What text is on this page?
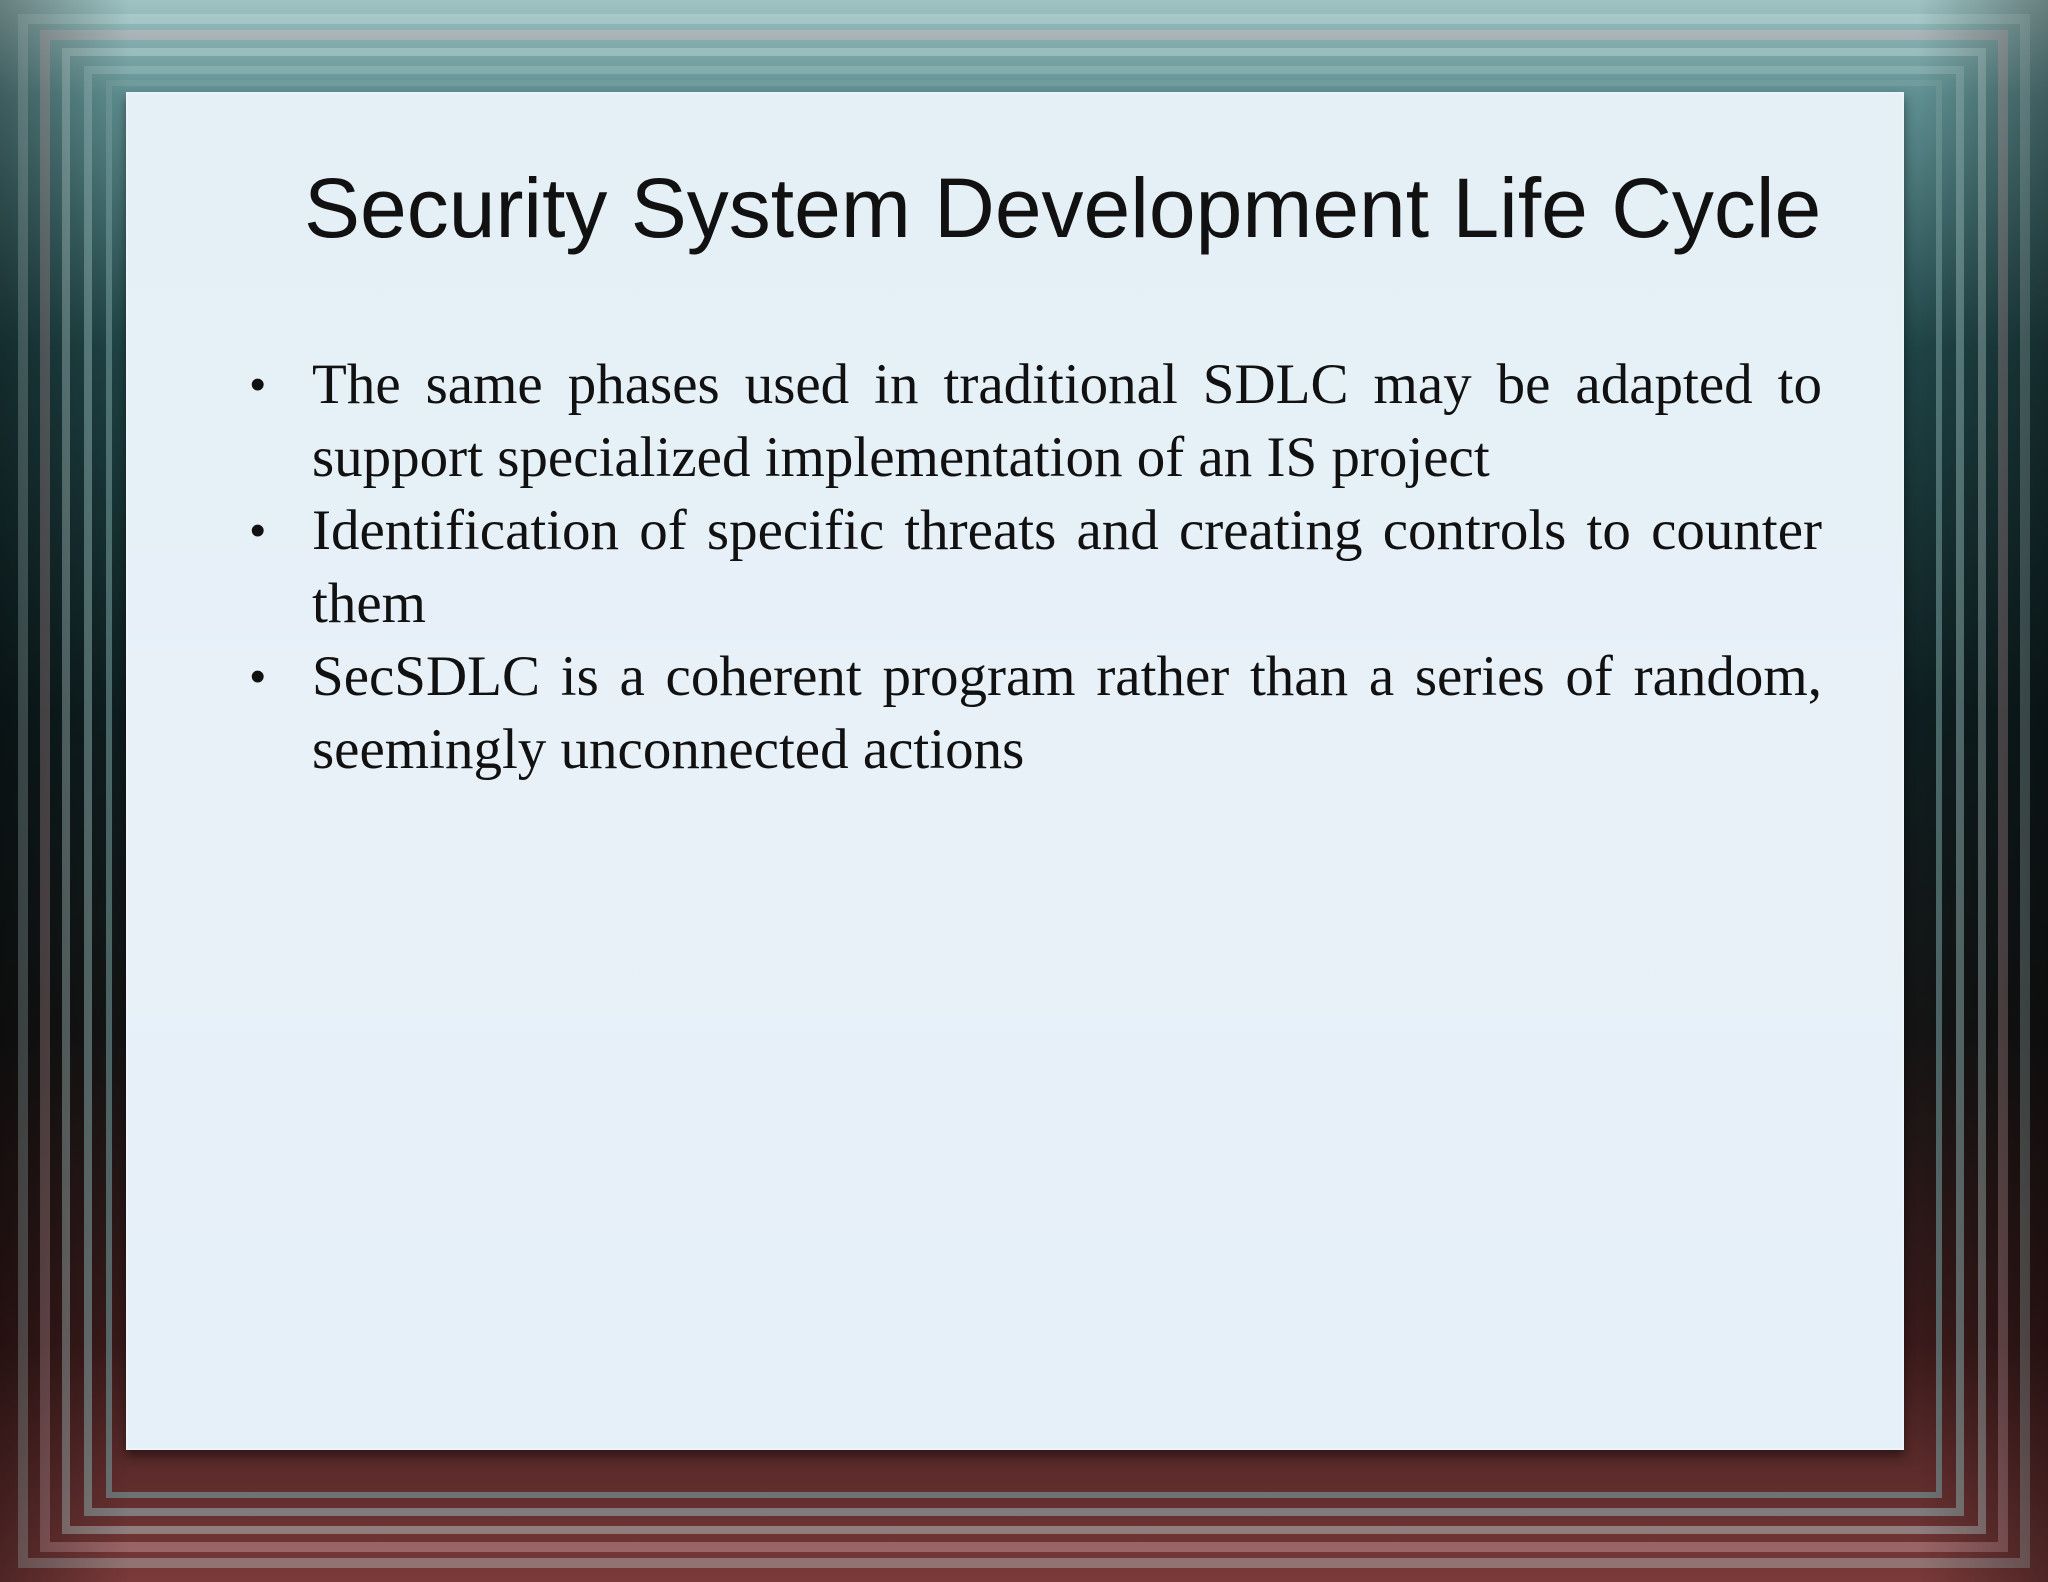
Security System Development Life Cycle
• The same phases used in traditional SDLC may be adapted to support specialized implementation of an IS project
• Identification of specific threats and creating controls to counter them
• SecSDLC is a coherent program rather than a series of random, seemingly unconnected actions
